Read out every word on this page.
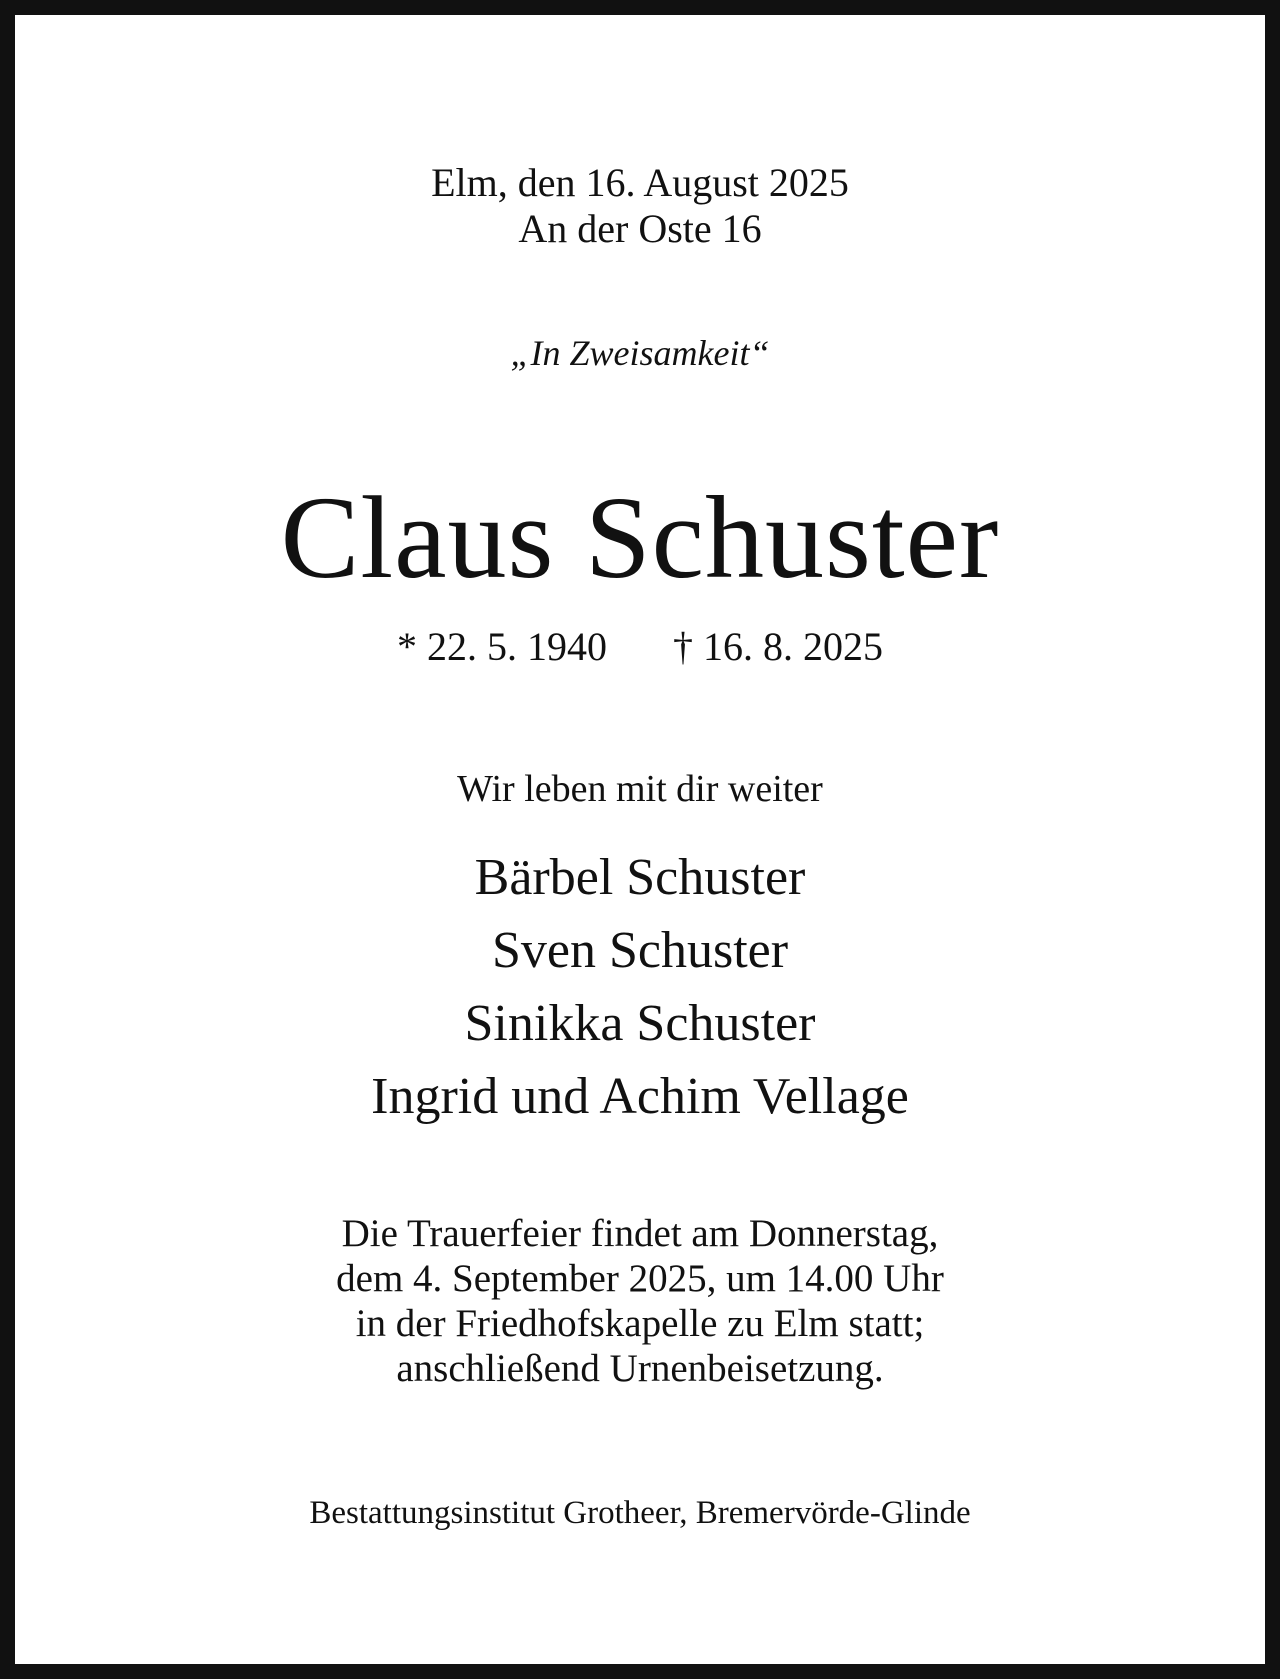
Elm, den 16. August 2025
An der Oste 16
„In Zweisamkeit“
Claus Schuster
* 22. 5. 1940 † 16. 8. 2025
Wir leben mit dir weiter
Bärbel Schuster
Sven Schuster
Sinikka Schuster
Ingrid und Achim Vellage
Die Trauerfeier findet am Donnerstag,
dem 4. September 2025, um 14.00 Uhr
in der Friedhofskapelle zu Elm statt;
anschließend Urnenbeisetzung.
Bestattungsinstitut Grotheer, Bremervörde-Glinde
